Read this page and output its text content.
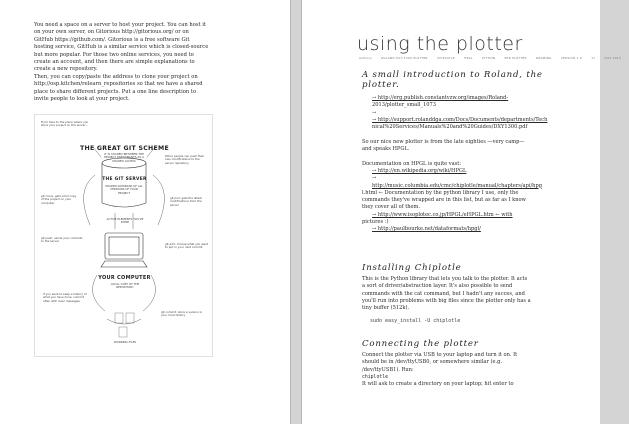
You need a space on a server to host your project. You can host it

on your own server, on Gitorious http://gitorious.org/ or on

GitHub https://github.com/. Gitorious is a free software Git

hosting service, GitHub is a similar service which is closed-source

but more popular. For those two online services, you need to

create an account, and then there are simple explanations to

create a new repository.

Then, you can copy/paste the address to clone your project on

http://osp.kitchen/relearn_repositories so that we have a shared

place to share different projects. Put a one line description to

invite people to look at your project.

THE GREAT GIT SCHEME
THE GIT SERVER
YOUR COMPUTER
From here to the place where you store your project on the server...
IT IS SHARED BETWEEN THE PROJECT PARTICIPANTS AS A SHARED ACCESS
Other people can push their own modifications to the server repository
SHARED DATABASE OF ALL VERSIONS OF YOUR PROJECT
git clone: gets a full copy of the project on your computer
git pull: gets the latest modifications from the server
ACTIVE ELEMENTS YOU'VE DONE
git push: sends your commits to the server
git add: choose what you want to put in your next commit
LOCAL COPY OF THE REPOSITORY
If you want to keep a history of what you have done, commit often with clear messages
WORKING FILES
git commit: store a version in your local history
using the plotter
Authors	ROLAND DXY-1300 PLOTTER	CHIPLOTLE	HPGL	PYTHON	PEN PLOTTER	DRAWING	VERSION 1.0	17	JULY 2013
A small introduction to Roland, the plotter.

→ http://erg.publish.constantvzw.org/images/Roland-

2013/plotter_small_1073

→

→ http://support.rolanddga.com/Docs/Documents/departments/Tech

nical%20Services/Manuals%20and%20Guides/DXY1300.pdf

So our nice new plotter is from the late eighties —very camp—

and speaks HPGL.

Documentation on HPGL is quite vast:

→ http://en.wikipedia.org/wiki/HPGL

→

http://music.columbia.edu/cmc/chiplotle/manual/chapters/api/hpg

l.html ← Documentation by the python library I use, only the

commands they've wrapped are in this list, but as far as I know

they cover all of them.

→ http://www.isoplotec.co.jp/HPGL/eHPGL.htm ← with

pictures :)

→ http://paulbourke.net/dataformats/hpgl/

Installing Chiplotle

This is the Python library that lets you talk to the plotter. It acts

a sort of driver/abstraction layer. It's also possible to send

commands with the cat command, but I hadn't any succes, and

you'll run into problems with big files since the plotter only has a

tiny buffer (512k).

sudo easy_install -U chiplotle
Connecting the plotter

Connect the plotter via USB to your laptop and turn it on. It

should be in /dev/ttyUSB0, or somewhere similar (e.g.

/dev/ttyUSB1). Run:

chiplotle

It will ask to create a directory on your laptop; hit enter to
